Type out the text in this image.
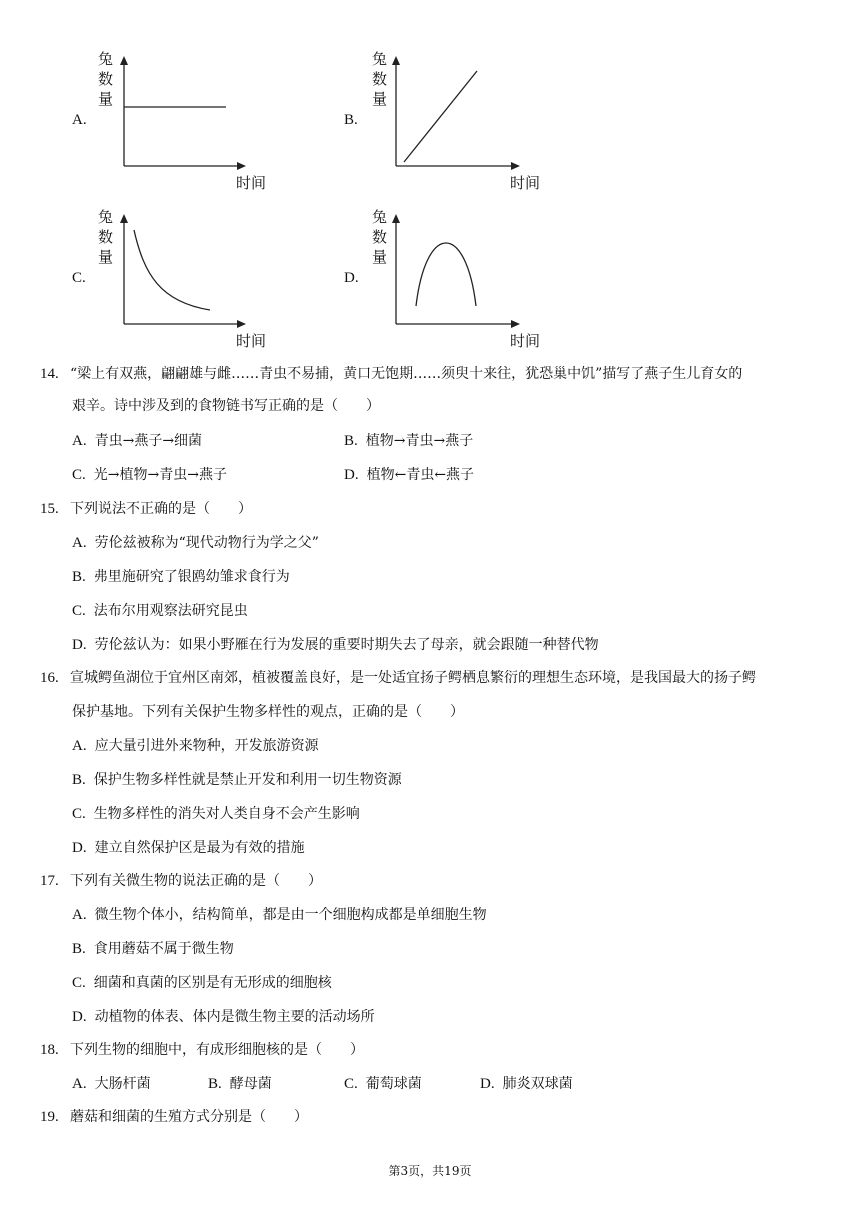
A.	B.
C.	D.
兔
数
量
时间
兔
数
量
时间
兔
数
量
时间
兔
数
量
时间
14. “梁上有双燕，翩翩雄与雌……青虫不易捕，黄口无饱期……须臾十来往，犹恐巢中饥”描写了燕子生儿育女的
艰辛。诗中涉及到的食物链书写正确的是（　　）
A. 青虫→燕子→细菌	B. 植物→青虫→燕子
C. 光→植物→青虫→燕子	D. 植物←青虫←燕子
15. 下列说法不正确的是（　　）
A. 劳伦兹被称为“现代动物行为学之父”
B. 弗里施研究了银鸥幼雏求食行为
C. 法布尔用观察法研究昆虫
D. 劳伦兹认为：如果小野雁在行为发展的重要时期失去了母亲，就会跟随一种替代物
16. 宣城鳄鱼湖位于宜州区南郊，植被覆盖良好，是一处适宜扬子鳄栖息繁衍的理想生态环境，是我国最大的扬子鳄
保护基地。下列有关保护生物多样性的观点，正确的是（　　）
A. 应大量引进外来物种，开发旅游资源
B. 保护生物多样性就是禁止开发和利用一切生物资源
C. 生物多样性的消失对人类自身不会产生影响
D. 建立自然保护区是最为有效的措施
17. 下列有关微生物的说法正确的是（　　）
A. 微生物个体小，结构简单，都是由一个细胞构成都是单细胞生物
B. 食用蘑菇不属于微生物
C. 细菌和真菌的区别是有无形成的细胞核
D. 动植物的体表、体内是微生物主要的活动场所
18. 下列生物的细胞中，有成形细胞核的是（　　）
A. 大肠杆菌	B. 酵母菌	C. 葡萄球菌	D. 肺炎双球菌
19. 蘑菇和细菌的生殖方式分别是（　　）
第3页，共19页
